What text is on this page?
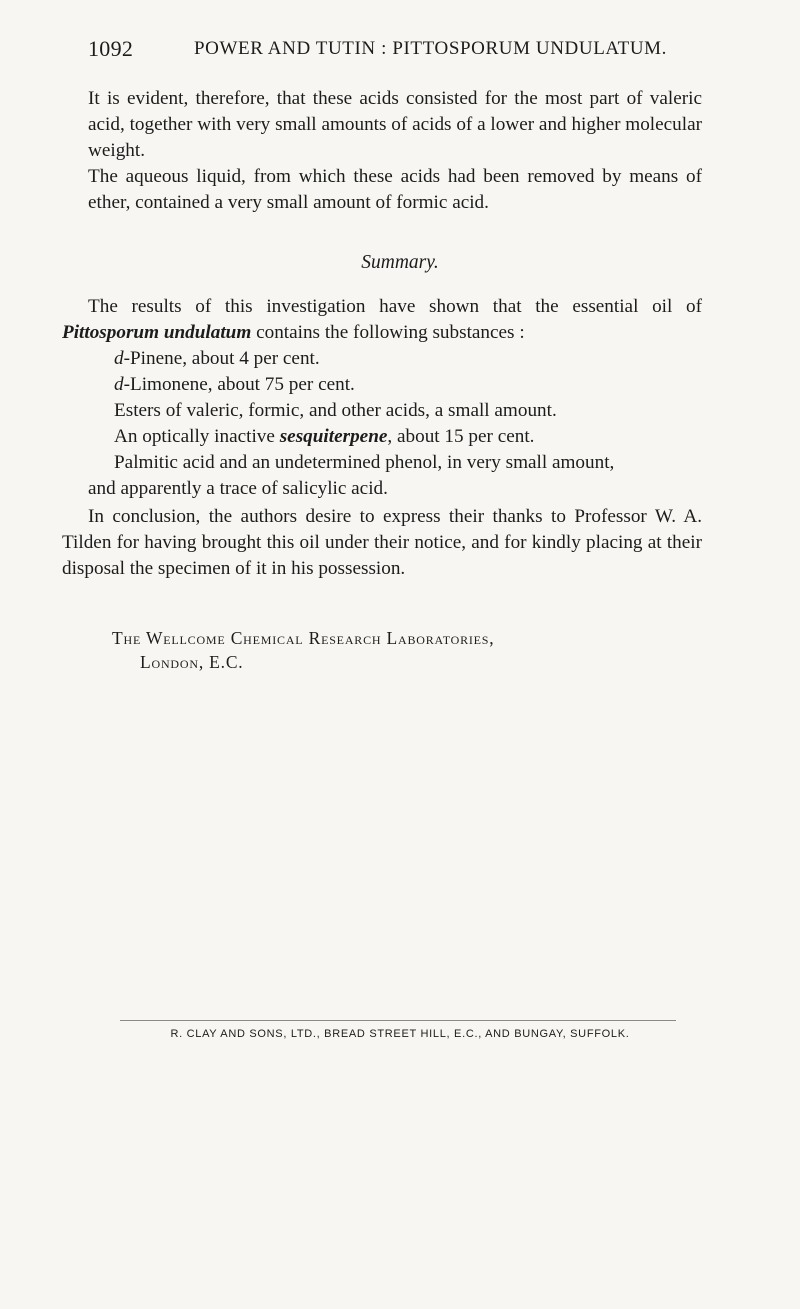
1092	POWER AND TUTIN : PITTOSPORUM UNDULATUM.

It is evident, therefore, that these acids consisted for the most part of valeric acid, together with very small amounts of acids of a lower and higher molecular weight.

The aqueous liquid, from which these acids had been removed by means of ether, contained a very small amount of formic acid.

Summary.

The results of this investigation have shown that the essential oil of Pittosporum undulatum contains the following substances :

d-Pinene, about 4 per cent.
d-Limonene, about 75 per cent.
Esters of valeric, formic, and other acids, a small amount.
An optically inactive sesquiterpene, about 15 per cent.
Palmitic acid and an undetermined phenol, in very small amount,
and apparently a trace of salicylic acid.

In conclusion, the authors desire to express their thanks to Professor W. A. Tilden for having brought this oil under their notice, and for kindly placing at their disposal the specimen of it in his possession.

The Wellcome Chemical Research Laboratories,
London, E.C.
R. CLAY AND SONS, LTD., BREAD STREET HILL, E.C., AND BUNGAY, SUFFOLK.
